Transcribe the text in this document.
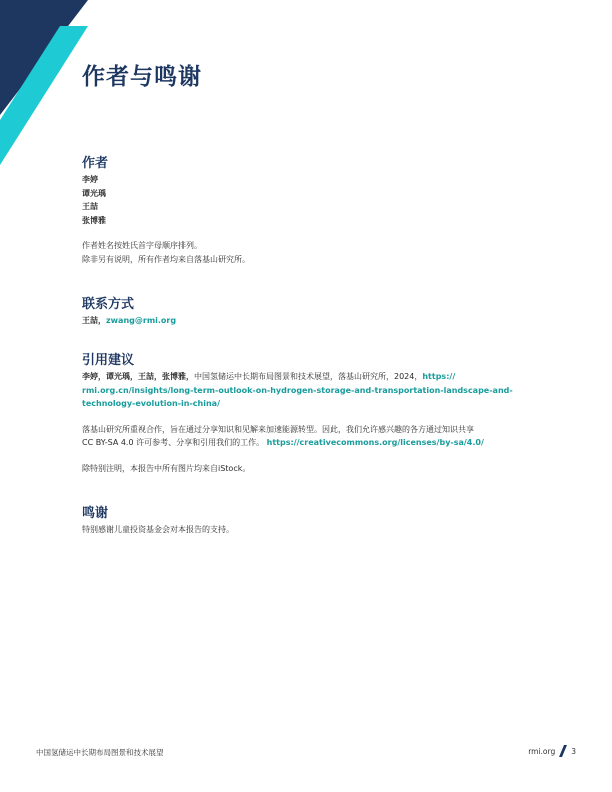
作者与鸣谢
作者
李婷
谭光瑀
王喆
张博雅
作者姓名按姓氏首字母顺序排列。
除非另有说明，所有作者均来自落基山研究所。
联系方式
王喆，zwang@rmi.org
引用建议
李婷，谭光瑀，王喆，张博雅，中国氢储运中长期布局图景和技术展望，落基山研究所，2024，https://
rmi.org.cn/insights/long-term-outlook-on-hydrogen-storage-and-transportation-landscape-and-
technology-evolution-in-china/
落基山研究所重视合作，旨在通过分享知识和见解来加速能源转型。因此，我们允许感兴趣的各方通过知识共享
CC BY-SA 4.0 许可参考、分享和引用我们的工作。 https://creativecommons.org/licenses/by-sa/4.0/
除特别注明，本报告中所有图片均来自iStock。
鸣谢
特别感谢儿童投资基金会对本报告的支持。
中国氢储运中长期布局图景和技术展望	rmi.org 3
